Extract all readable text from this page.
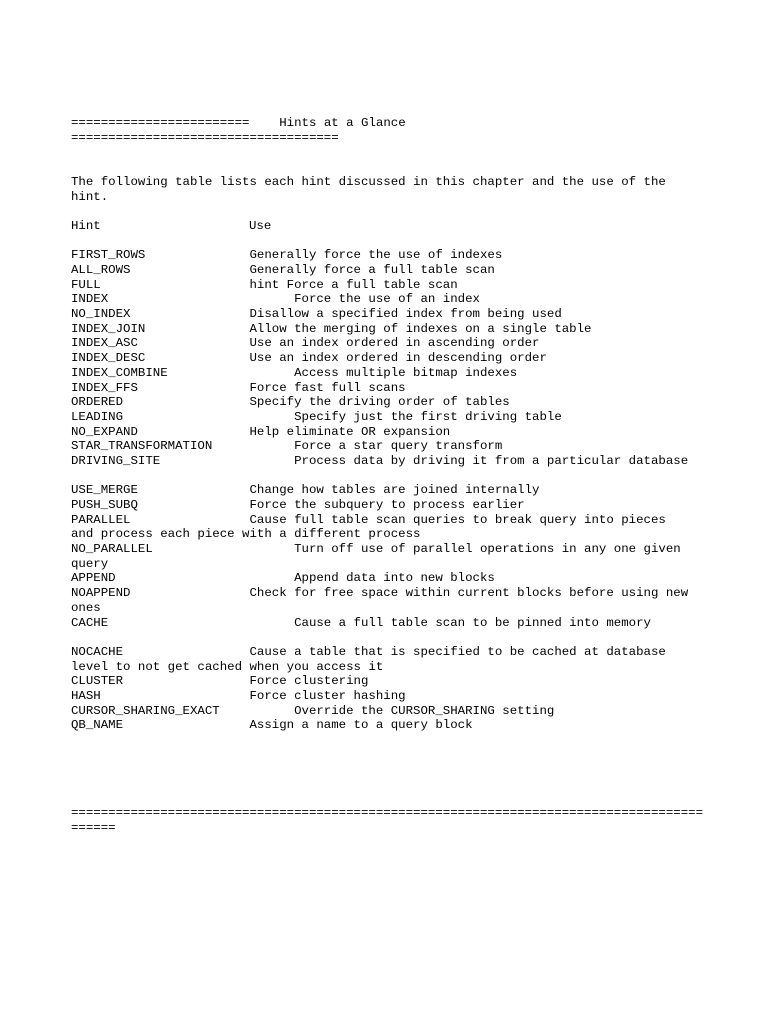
======================== Hints at a Glance
====================================
The following table lists each hint discussed in this chapter and the use of the
hint.
Hint	Use
FIRST_ROWS              Generally force the use of indexes
ALL_ROWS                Generally force a full table scan
FULL                    hint Force a full table scan
INDEX                         Force the use of an index
NO_INDEX                Disallow a specified index from being used
INDEX_JOIN              Allow the merging of indexes on a single table
INDEX_ASC               Use an index ordered in ascending order
INDEX_DESC              Use an index ordered in descending order
INDEX_COMBINE                 Access multiple bitmap indexes
INDEX_FFS               Force fast full scans
ORDERED                 Specify the driving order of tables
LEADING                       Specify just the first driving table
NO_EXPAND               Help eliminate OR expansion
STAR_TRANSFORMATION           Force a star query transform
DRIVING_SITE                  Process data by driving it from a particular database
USE_MERGE               Change how tables are joined internally
PUSH_SUBQ               Force the subquery to process earlier
PARALLEL                Cause full table scan queries to break query into pieces
and process each piece with a different process
NO_PARALLEL                   Turn off use of parallel operations in any one given
query
APPEND                        Append data into new blocks
NOAPPEND                Check for free space within current blocks before using new
ones
CACHE                         Cause a full table scan to be pinned into memory
NOCACHE                 Cause a table that is specified to be cached at database
level to not get cached when you access it
CLUSTER                 Force clustering
HASH                    Force cluster hashing
CURSOR_SHARING_EXACT          Override the CURSOR_SHARING setting
QB_NAME                 Assign a name to a query block
=====================================================================================
======
